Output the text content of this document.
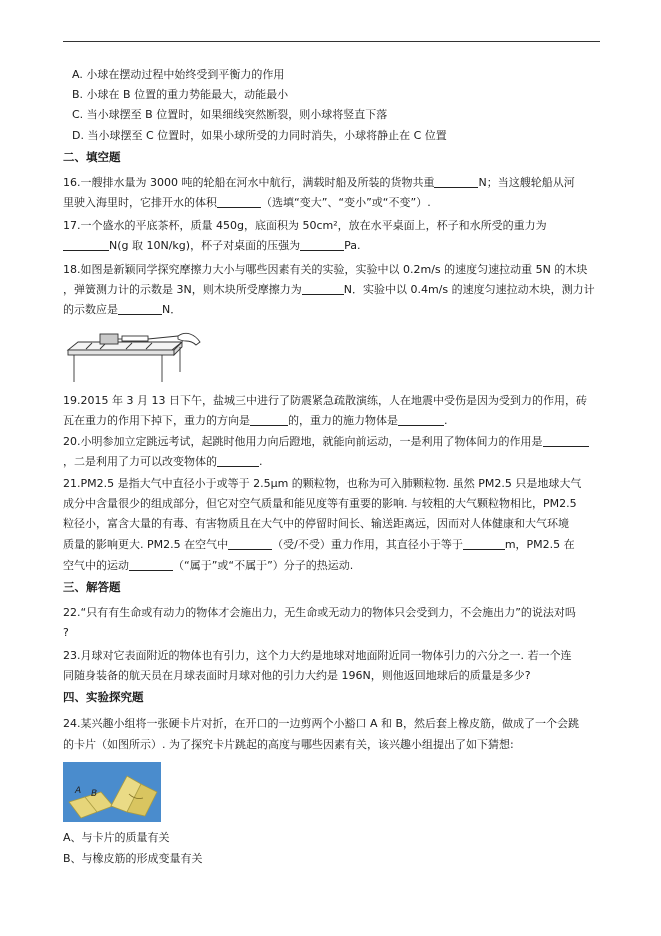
A. 小球在摆动过程中始终受到平衡力的作用
B. 小球在 B 位置的重力势能最大，动能最小
C. 当小球摆至 B 位置时，如果细线突然断裂，则小球将竖直下落
D. 当小球摆至 C 位置时，如果小球所受的力同时消失，小球将静止在 C 位置
二、填空题
16.一艘排水量为 3000 吨的轮船在河水中航行，满载时船及所装的货物共重	N；当这艘轮船从河
里驶入海里时，它排开水的体积	（选填“变大”、“变小”或“不变”）.
17.一个盛水的平底茶杯，质量 450g，底面积为 50cm²，放在水平桌面上，杯子和水所受的重力为
N(g 取 10N/kg)，杯子对桌面的压强为	Pa.
18.如图是新颖同学探究摩擦力大小与哪些因素有关的实验，实验中以 0.2m/s 的速度匀速拉动重 5N 的木块
，弹簧测力计的示数是 3N，则木块所受摩擦力为	N．实验中以 0.4m/s 的速度匀速拉动木块，测力计
的示数应是	N．
19.2015 年 3 月 13 日下午，盐城三中进行了防震紧急疏散演练，人在地震中受伤是因为受到力的作用，砖
瓦在重力的作用下掉下，重力的方向是	的，重力的施力物体是	.
20.小明参加立定跳远考试，起跳时他用力向后蹬地，就能向前运动，一是利用了物体间力的作用是
，二是利用了力可以改变物体的	.
21.PM2.5 是指大气中直径小于或等于 2.5μm 的颗粒物，也称为可入肺颗粒物. 虽然 PM2.5 只是地球大气
成分中含量很少的组成部分，但它对空气质量和能见度等有重要的影响. 与较粗的大气颗粒物相比，PM2.5
粒径小，富含大量的有毒、有害物质且在大气中的停留时间长、输送距离远，因而对人体健康和大气环境
质量的影响更大. PM2.5 在空气中	（受/不受）重力作用，其直径小于等于	m，PM2.5 在
空气中的运动	（“属于”或“不属于”）分子的热运动.
三、解答题
22.“只有有生命或有动力的物体才会施出力，无生命或无动力的物体只会受到力，不会施出力”的说法对吗
?
23.月球对它表面附近的物体也有引力，这个力大约是地球对地面附近同一物体引力的六分之一. 若一个连
同随身装备的航天员在月球表面时月球对他的引力大约是 196N，则他返回地球后的质量是多少?
四、实验探究题
24.某兴趣小组将一张硬卡片对折，在开口的一边剪两个小豁口 A 和 B，然后套上橡皮筋，做成了一个会跳
的卡片（如图所示）. 为了探究卡片跳起的高度与哪些因素有关，该兴趣小组提出了如下猜想:
A B
A、与卡片的质量有关
B、与橡皮筋的形成变量有关
